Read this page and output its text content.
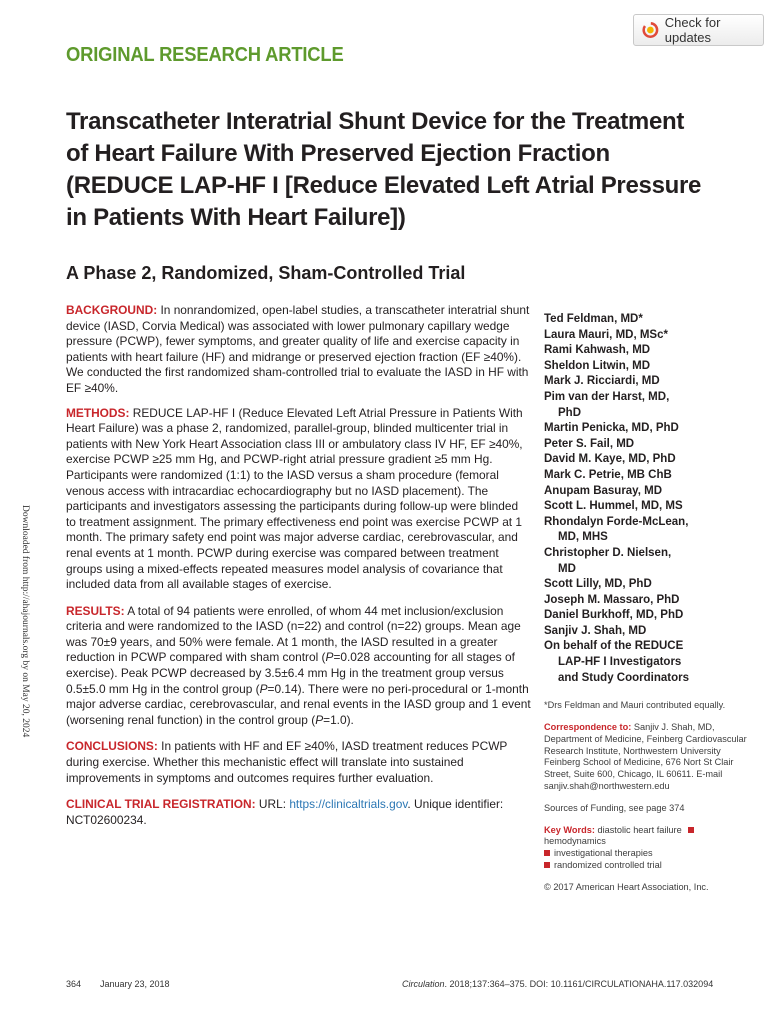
Check for updates
ORIGINAL RESEARCH ARTICLE
Transcatheter Interatrial Shunt Device for the Treatment of Heart Failure With Preserved Ejection Fraction (REDUCE LAP-HF I [Reduce Elevated Left Atrial Pressure in Patients With Heart Failure])
A Phase 2, Randomized, Sham-Controlled Trial

BACKGROUND: In nonrandomized, open-label studies, a transcatheter interatrial shunt device (IASD, Corvia Medical) was associated with lower pulmonary capillary wedge pressure (PCWP), fewer symptoms, and greater quality of life and exercise capacity in patients with heart failure (HF) and midrange or preserved ejection fraction (EF ≥40%). We conducted the first randomized sham-controlled trial to evaluate the IASD in HF with EF ≥40%.

METHODS: REDUCE LAP-HF I (Reduce Elevated Left Atrial Pressure in Patients With Heart Failure) was a phase 2, randomized, parallel-group, blinded multicenter trial in patients with New York Heart Association class III or ambulatory class IV HF, EF ≥40%, exercise PCWP ≥25 mm Hg, and PCWP-right atrial pressure gradient ≥5 mm Hg. Participants were randomized (1:1) to the IASD versus a sham procedure (femoral venous access with intracardiac echocardiography but no IASD placement). The participants and investigators assessing the participants during follow-up were blinded to treatment assignment. The primary effectiveness end point was exercise PCWP at 1 month. The primary safety end point was major adverse cardiac, cerebrovascular, and renal events at 1 month. PCWP during exercise was compared between treatment groups using a mixed-effects repeated measures model analysis of covariance that included data from all available stages of exercise.

RESULTS: A total of 94 patients were enrolled, of whom 44 met inclusion/exclusion criteria and were randomized to the IASD (n=22) and control (n=22) groups. Mean age was 70±9 years, and 50% were female. At 1 month, the IASD resulted in a greater reduction in PCWP compared with sham control (P=0.028 accounting for all stages of exercise). Peak PCWP decreased by 3.5±6.4 mm Hg in the treatment group versus 0.5±5.0 mm Hg in the control group (P=0.14). There were no peri-procedural or 1-month major adverse cardiac, cerebrovascular, and renal events in the IASD group and 1 event (worsening renal function) in the control group (P=1.0).

CONCLUSIONS: In patients with HF and EF ≥40%, IASD treatment reduces PCWP during exercise. Whether this mechanistic effect will translate into sustained improvements in symptoms and outcomes requires further evaluation.

CLINICAL TRIAL REGISTRATION: URL: https://clinicaltrials.gov. Unique identifier: NCT02600234.

Ted Feldman, MD*
Laura Mauri, MD, MSc*
Rami Kahwash, MD
Sheldon Litwin, MD
Mark J. Ricciardi, MD
Pim van der Harst, MD,
PhD
Martin Penicka, MD, PhD
Peter S. Fail, MD
David M. Kaye, MD, PhD
Mark C. Petrie, MB ChB
Anupam Basuray, MD
Scott L. Hummel, MD, MS
Rhondalyn Forde-McLean,
MD, MHS
Christopher D. Nielsen,
MD
Scott Lilly, MD, PhD
Joseph M. Massaro, PhD
Daniel Burkhoff, MD, PhD
Sanjiv J. Shah, MD
On behalf of the REDUCE
LAP-HF I Investigators
and Study Coordinators

*Drs Feldman and Mauri contributed equally.

Correspondence to: Sanjiv J. Shah, MD, Department of Medicine, Feinberg Cardiovascular Research Institute, Northwestern University Feinberg School of Medicine, 676 Nort St Clair Street, Suite 600, Chicago, IL 60611. E-mail sanjiv.shah@northwestern.edu

Sources of Funding, see page 374

Key Words: diastolic heart failure hemodynamics
investigational therapies
randomized controlled trial

© 2017 American Heart Association, Inc.

Downloaded from http://ahajournals.org by on May 20, 2024
364 January 23, 2018	Circulation. 2018;137:364–375. DOI: 10.1161/CIRCULATIONAHA.117.032094
